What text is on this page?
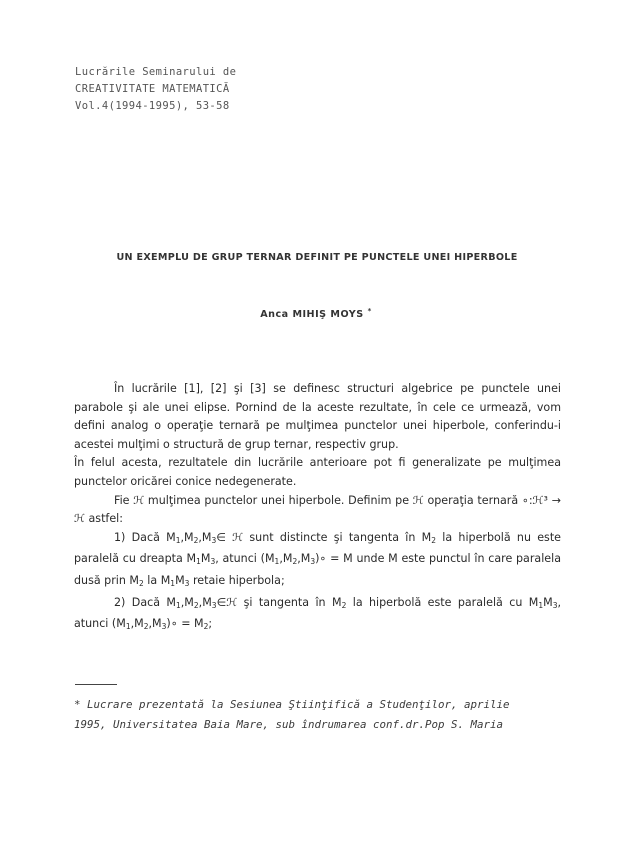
Lucrările Seminarului de
CREATIVITATE MATEMATICĂ
Vol.4(1994-1995), 53-58
UN EXEMPLU DE GRUP TERNAR DEFINIT PE PUNCTELE UNEI HIPERBOLE
Anca MIHIŞ MOYS *

În lucrările [1], [2] şi [3] se definesc structuri algebrice pe punctele unei parabole şi ale unei elipse. Pornind de la aceste rezultate, în cele ce urmează, vom defini analog o operaţie ternară pe mulţimea punctelor unei hiperbole, conferindu-i acestei mulţimi o structură de grup ternar, respectiv grup.

În felul acesta, rezultatele din lucrările anterioare pot fi generalizate pe mulţimea punctelor oricărei conice nedegenerate.

Fie ℋ mulţimea punctelor unei hiperbole. Definim pe ℋ operaţia ternară ∘:ℋ³ → ℋ astfel:

1) Dacă $M_1,M_2,M_3\in$ ℋ sunt distincte şi tangenta în $M_2$ la hiperbolă nu este paralelă cu dreapta $M_1M_3$, atunci $(M_1,M_2,M_3)\circ = M$ unde M este punctul în care paralela dusă prin $M_2$ la $M_1M_3$ retaie hiperbola;

2) Dacă $M_1,M_2,M_3\in ℋ$ şi tangenta în $M_2$ la hiperbolă este paralelă cu $M_1M_3$, atunci $(M_1,M_2,M_3)\circ = M_2$;

* Lucrare prezentată la Sesiunea Ştiinţifică a Studenţilor, aprilie
1995, Universitatea Baia Mare, sub îndrumarea conf.dr.Pop S. Maria
